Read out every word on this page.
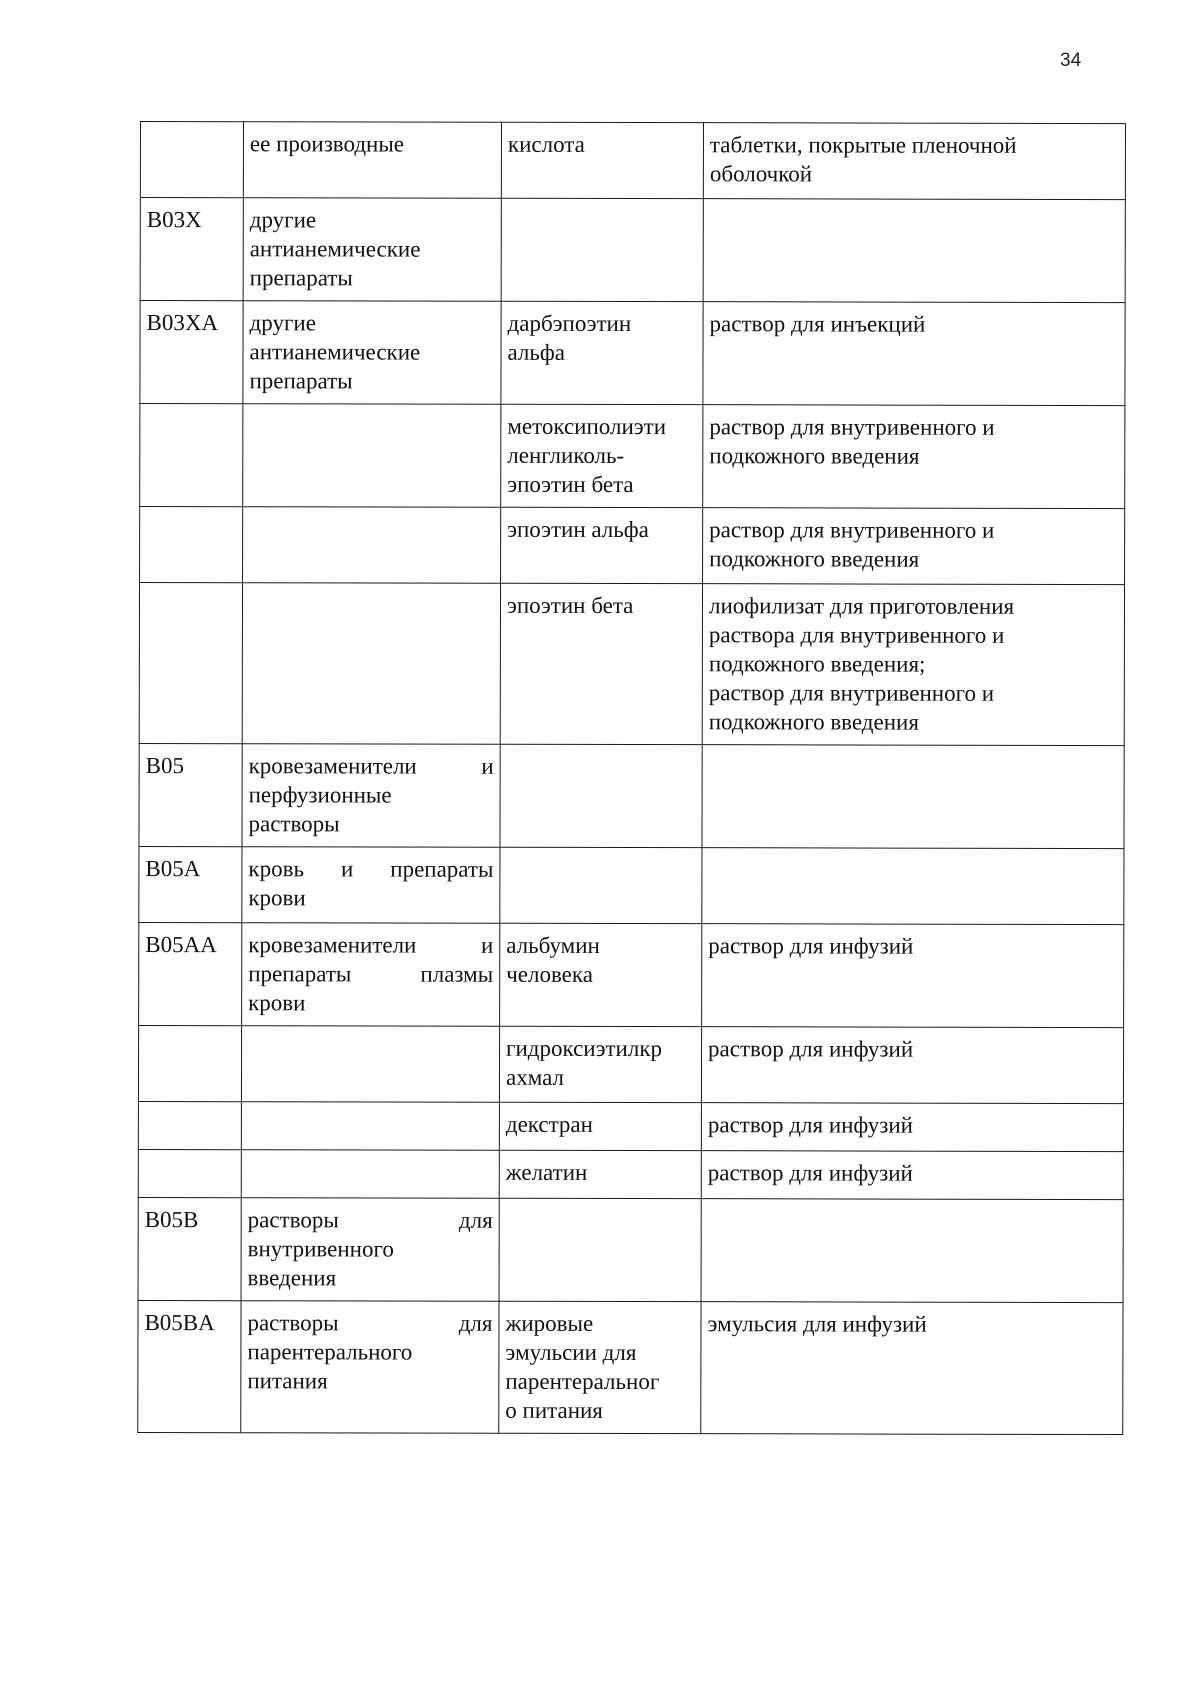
34

	ее производные	кислота	таблетки, покрытые пленочной
оболочкой

B03X	другие
антианемические
препараты		

B03XA	другие
антианемические
препараты	дарбэпоэтин
альфа	раствор для инъекций

		метоксиполиэти
ленгликоль-
эпоэтин бета	раствор для внутривенного и
подкожного введения

		эпоэтин альфа	раствор для внутривенного и
подкожного введения

		эпоэтин бета	лиофилизат для приготовления
раствора для внутривенного и
подкожного введения;
раствор для внутривенного и
подкожного введения

B05	кровезаменители и
перфузионные
растворы		

B05A	кровь и препараты
крови		

B05AA	кровезаменители и
препараты плазмы
крови	альбумин
человека	раствор для инфузий

		гидроксиэтилкр
ахмал	раствор для инфузий

		декстран	раствор для инфузий

		желатин	раствор для инфузий

B05B	растворы для
внутривенного
введения		

B05BA	растворы для
парентерального
питания	жировые
эмульсии для
парентеральног
о питания	эмульсия для инфузий
